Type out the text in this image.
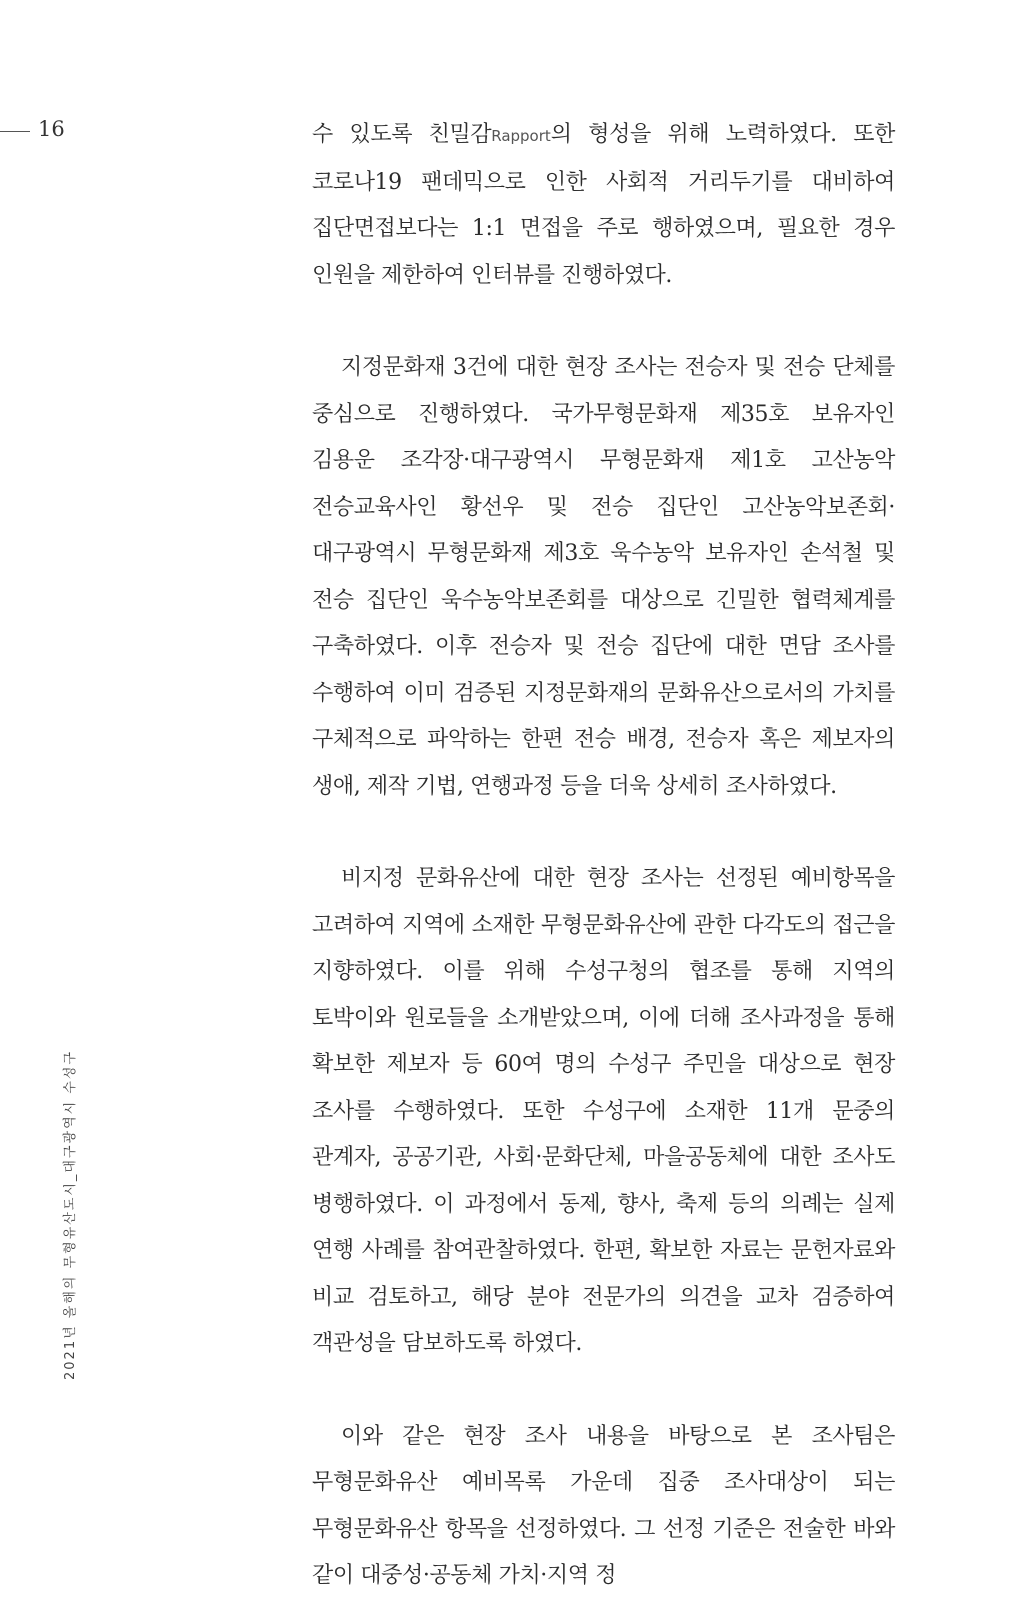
16
2021년 올해의 무형유산도시_대구광역시 수성구

수 있도록 친밀감Rapport의 형성을 위해 노력하였다. 또한 코로나19 팬데믹으로 인한 사회적 거리두기를 대비하여 집단면접보다는 1:1 면접을 주로 행하였으며, 필요한 경우 인원을 제한하여 인터뷰를 진행하였다.

지정문화재 3건에 대한 현장 조사는 전승자 및 전승 단체를 중심으로 진행하였다. 국가무형문화재 제35호 보유자인 김용운 조각장·대구광역시 무형문화재 제1호 고산농악 전승교육사인 황선우 및 전승 집단인 고산농악보존회·대구광역시 무형문화재 제3호 욱수농악 보유자인 손석철 및 전승 집단인 욱수농악보존회를 대상으로 긴밀한 협력체계를 구축하였다. 이후 전승자 및 전승 집단에 대한 면담 조사를 수행하여 이미 검증된 지정문화재의 문화유산으로서의 가치를 구체적으로 파악하는 한편 전승 배경, 전승자 혹은 제보자의 생애, 제작 기법, 연행과정 등을 더욱 상세히 조사하였다.

비지정 문화유산에 대한 현장 조사는 선정된 예비항목을 고려하여 지역에 소재한 무형문화유산에 관한 다각도의 접근을 지향하였다. 이를 위해 수성구청의 협조를 통해 지역의 토박이와 원로들을 소개받았으며, 이에 더해 조사과정을 통해 확보한 제보자 등 60여 명의 수성구 주민을 대상으로 현장 조사를 수행하였다. 또한 수성구에 소재한 11개 문중의 관계자, 공공기관, 사회·문화단체, 마을공동체에 대한 조사도 병행하였다. 이 과정에서 동제, 향사, 축제 등의 의례는 실제 연행 사례를 참여관찰하였다. 한편, 확보한 자료는 문헌자료와 비교 검토하고, 해당 분야 전문가의 의견을 교차 검증하여 객관성을 담보하도록 하였다.

이와 같은 현장 조사 내용을 바탕으로 본 조사팀은 무형문화유산 예비목록 가운데 집중 조사대상이 되는 무형문화유산 항목을 선정하였다. 그 선정 기준은 전술한 바와 같이 대중성·공동체 가치·지역 정
